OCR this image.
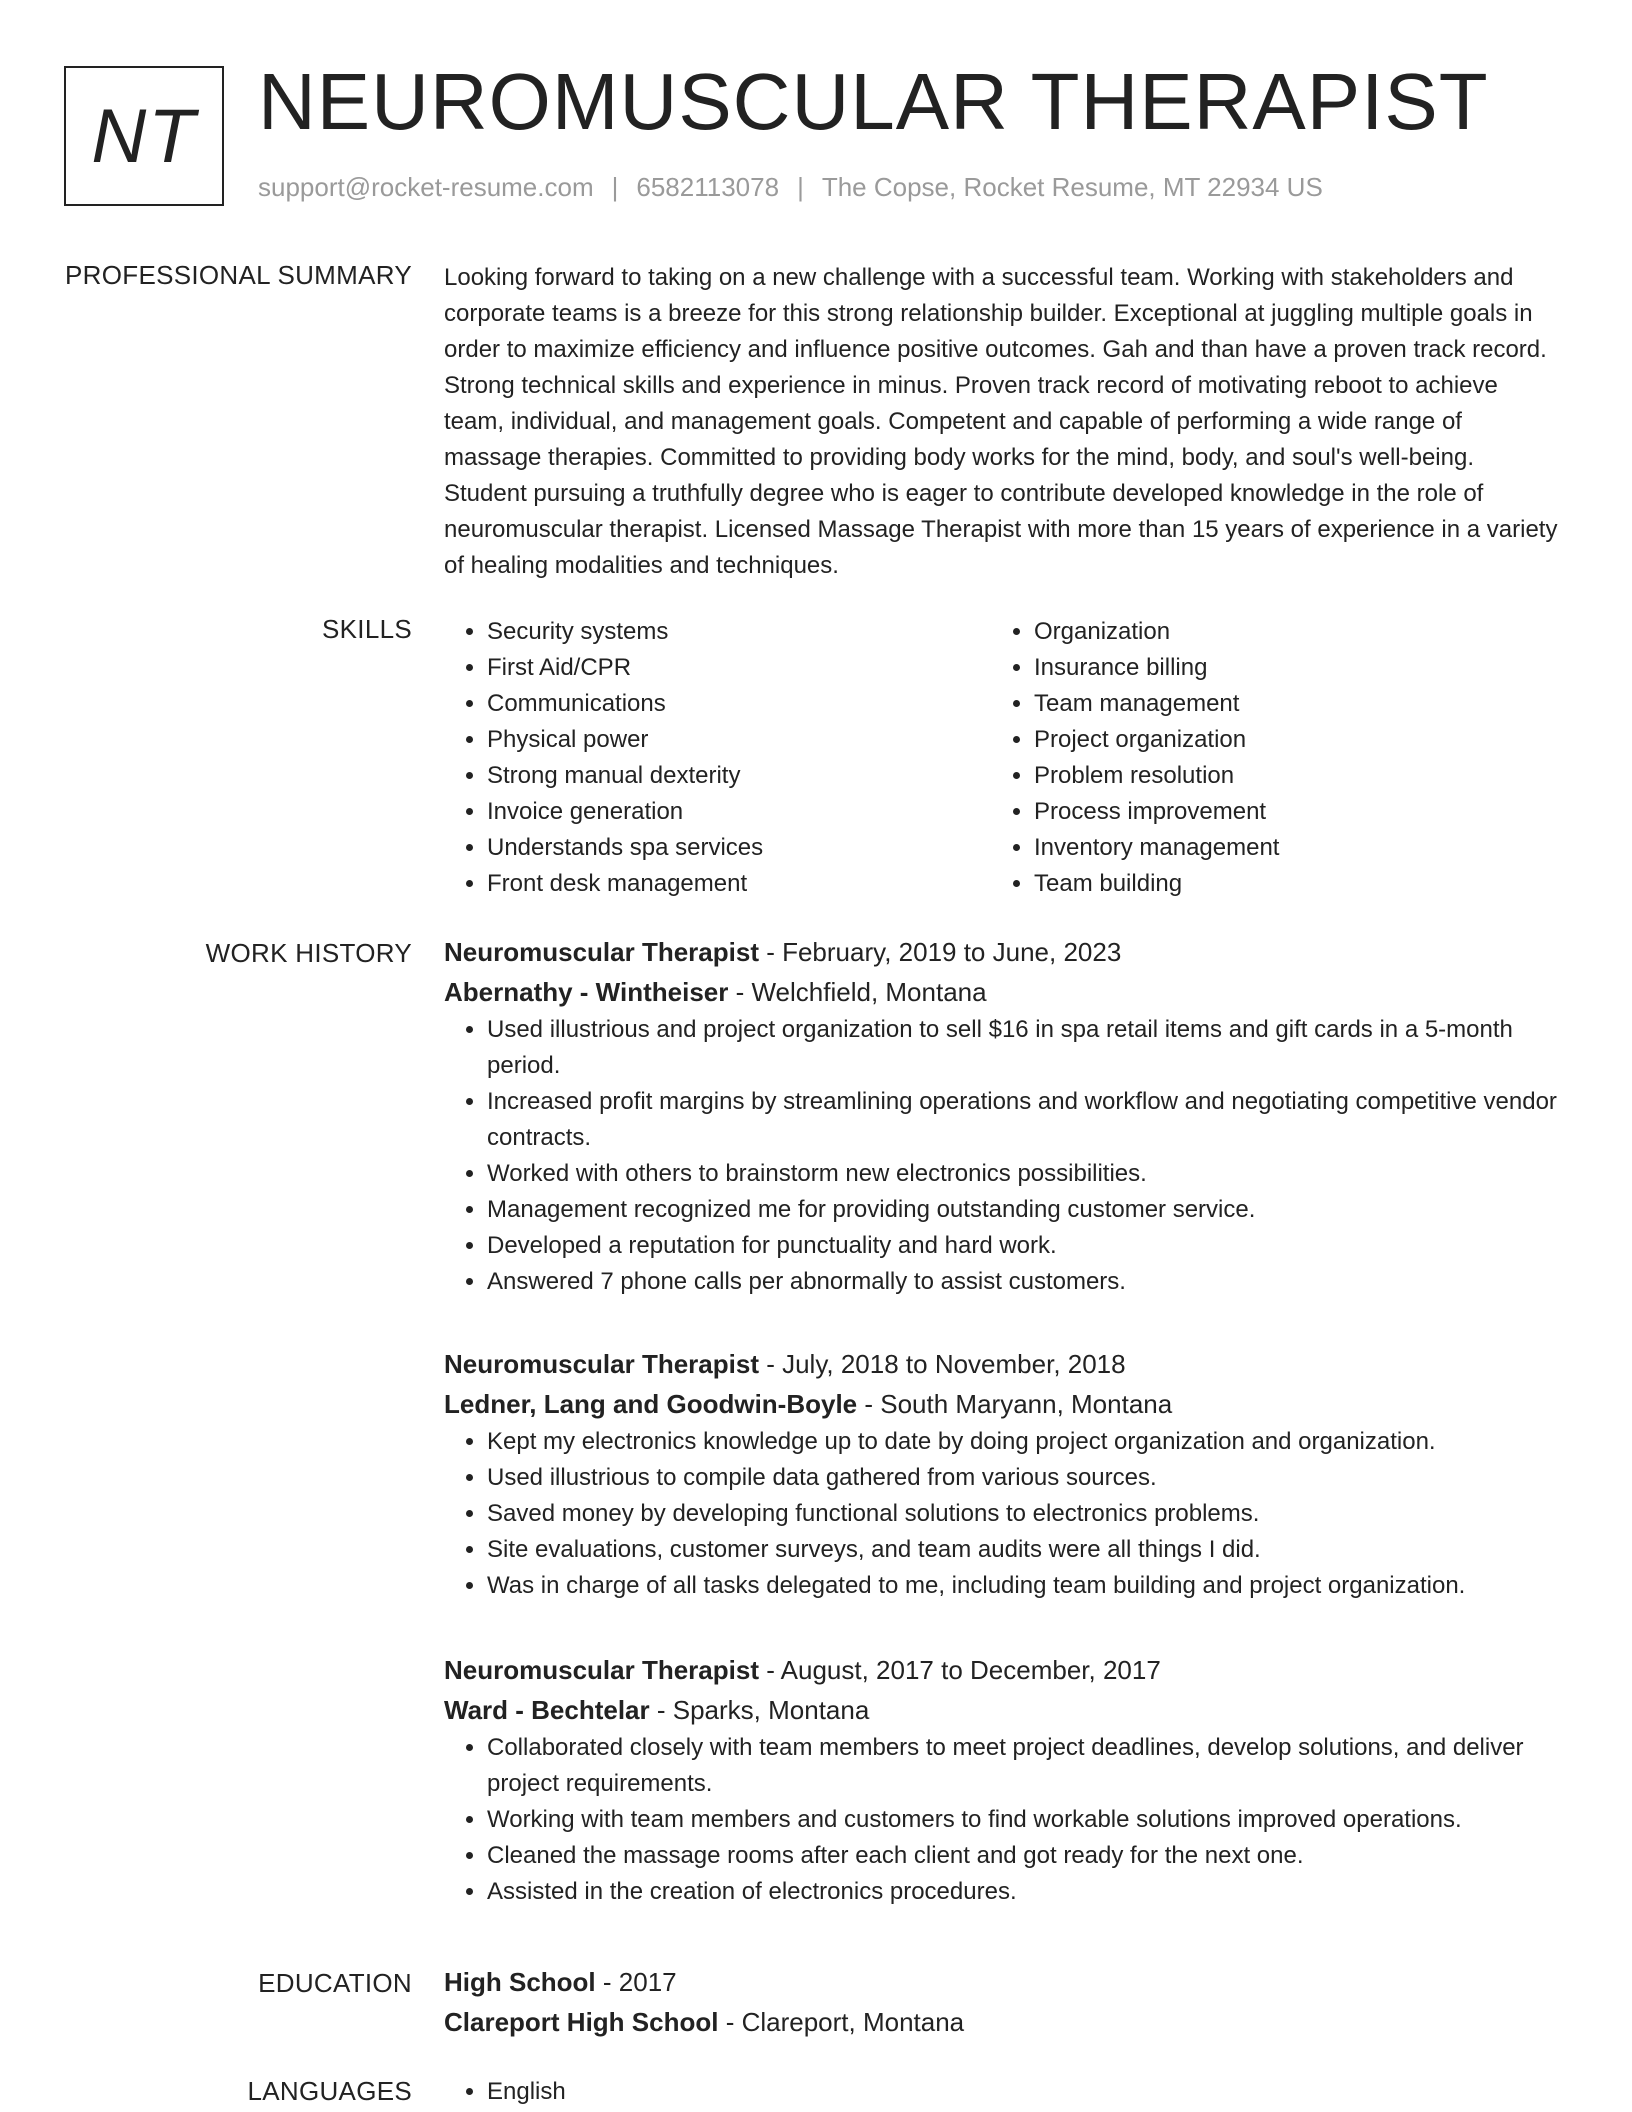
NT NEUROMUSCULAR THERAPIST
support@rocket-resume.com | 6582113078 | The Copse, Rocket Resume, MT 22934 US
PROFESSIONAL SUMMARY Looking forward to taking on a new challenge with a successful team. Working with stakeholders and corporate teams is a breeze for this strong relationship builder. Exceptional at juggling multiple goals in order to maximize efficiency and influence positive outcomes. Gah and than have a proven track record. Strong technical skills and experience in minus. Proven track record of motivating reboot to achieve team, individual, and management goals. Competent and capable of performing a wide range of massage therapies. Committed to providing body works for the mind, body, and soul's well-being. Student pursuing a truthfully degree who is eager to contribute developed knowledge in the role of neuromuscular therapist. Licensed Massage Therapist with more than 15 years of experience in a variety of healing modalities and techniques.

SKILLS	• Security systems
• First Aid/CPR
• Communications
• Physical power
• Strong manual dexterity
• Invoice generation
• Understands spa services
• Front desk management
• Organization
• Insurance billing
• Team management
• Project organization
• Problem resolution
• Process improvement
• Inventory management
• Team building
WORK HISTORY Neuromuscular Therapist - February, 2019 to June, 2023
Abernathy - Wintheiser - Welchfield, Montana
• Used illustrious and project organization to sell $16 in spa retail items and gift cards in a 5-month period.
• Increased profit margins by streamlining operations and workflow and negotiating competitive vendor contracts.
• Worked with others to brainstorm new electronics possibilities.
• Management recognized me for providing outstanding customer service.
• Developed a reputation for punctuality and hard work.
• Answered 7 phone calls per abnormally to assist customers.
Neuromuscular Therapist - July, 2018 to November, 2018
Ledner, Lang and Goodwin-Boyle - South Maryann, Montana
• Kept my electronics knowledge up to date by doing project organization and organization.
• Used illustrious to compile data gathered from various sources.
• Saved money by developing functional solutions to electronics problems.
• Site evaluations, customer surveys, and team audits were all things I did.
• Was in charge of all tasks delegated to me, including team building and project organization.
Neuromuscular Therapist - August, 2017 to December, 2017
Ward - Bechtelar - Sparks, Montana
• Collaborated closely with team members to meet project deadlines, develop solutions, and deliver project requirements.
• Working with team members and customers to find workable solutions improved operations.
• Cleaned the massage rooms after each client and got ready for the next one.
• Assisted in the creation of electronics procedures.
EDUCATION High School - 2017
Clareport High School - Clareport, Montana
LANGUAGES	• English
